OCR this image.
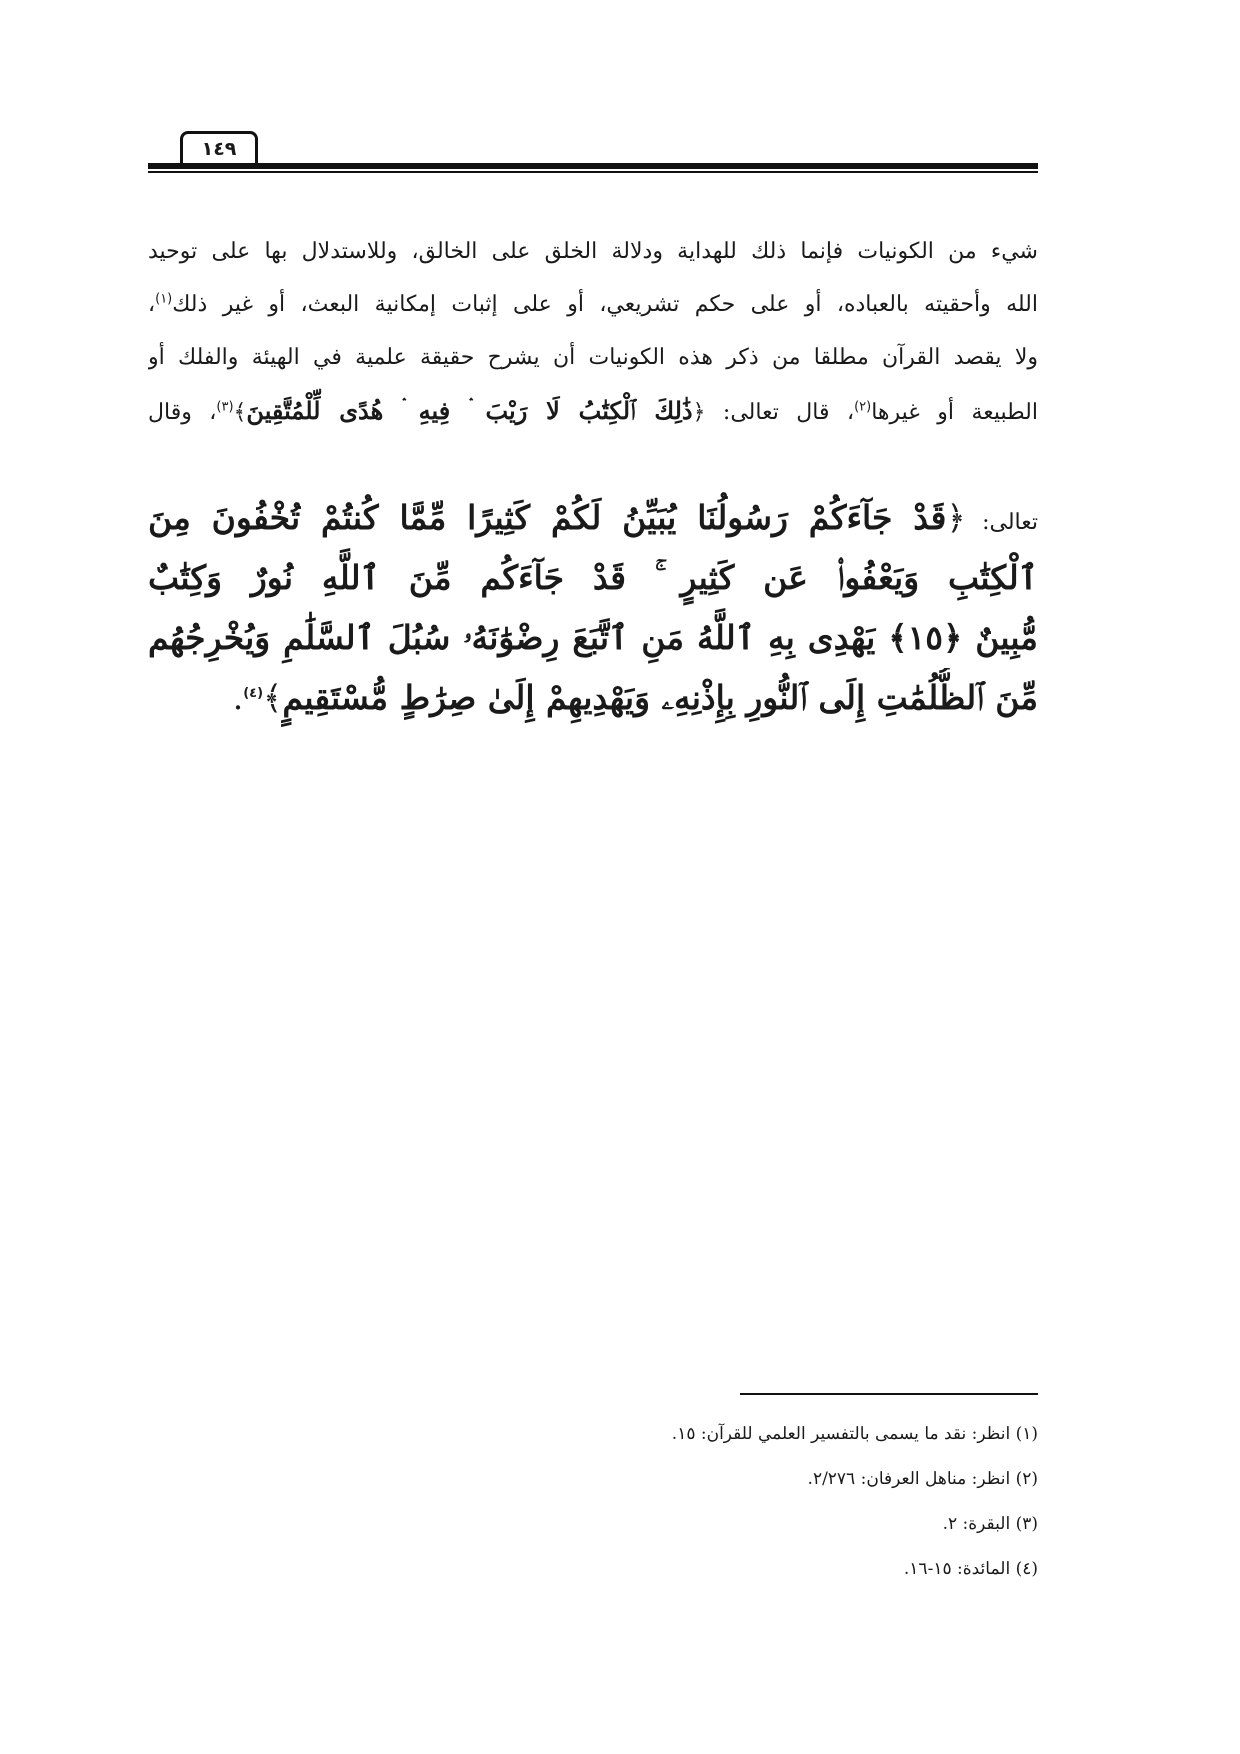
١٤٩
شيء من الكونيات فإنما ذلك للهداية ودلالة الخلق على الخالق، وللاستدلال بها على توحيد
الله وأحقيته بالعباده، أو على حكم تشريعي، أو على إثبات إمكانية البعث، أو غير ذلك$^{(١)}$،
ولا يقصد القرآن مطلقا من ذكر هذه الكونيات أن يشرح حقيقة علمية في الهيئة والفلك أو
الطبيعة أو غيرها$^{(٢)}$، قال تعالى: ﴿ذَٰلِكَ ٱلْكِتَٰبُ لَا رَيْبَ ۛ فِيهِ ۛ هُدًى لِّلْمُتَّقِينَ﴾$^{(٣)}$، وقال
تعالى: ﴿قَدْ جَآءَكُمْ رَسُولُنَا يُبَيِّنُ لَكُمْ كَثِيرًا مِّمَّا كُنتُمْ تُخْفُونَ مِنَ
ٱلْكِتَٰبِ وَيَعْفُوا۟ عَن كَثِيرٍ ۚ قَدْ جَآءَكُم مِّنَ ٱللَّهِ نُورٌ وَكِتَٰبٌ
مُّبِينٌ ﴿١٥﴾ يَهْدِى بِهِ ٱللَّهُ مَنِ ٱتَّبَعَ رِضْوَٰنَهُۥ سُبُلَ ٱلسَّلَٰمِ وَيُخْرِجُهُم
مِّنَ ٱلظُّلُمَٰتِ إِلَى ٱلنُّورِ بِإِذْنِهِۦ وَيَهْدِيهِمْ إِلَىٰ صِرَٰطٍ مُّسْتَقِيمٍ﴾$^{(٤)}$.
(١) انظر: نقد ما يسمى بالتفسير العلمي للقرآن: ١٥.
(٢) انظر: مناهل العرفان: ٢/٢٧٦.
(٣) البقرة: ٢.
(٤) المائدة: ١٥-١٦.
